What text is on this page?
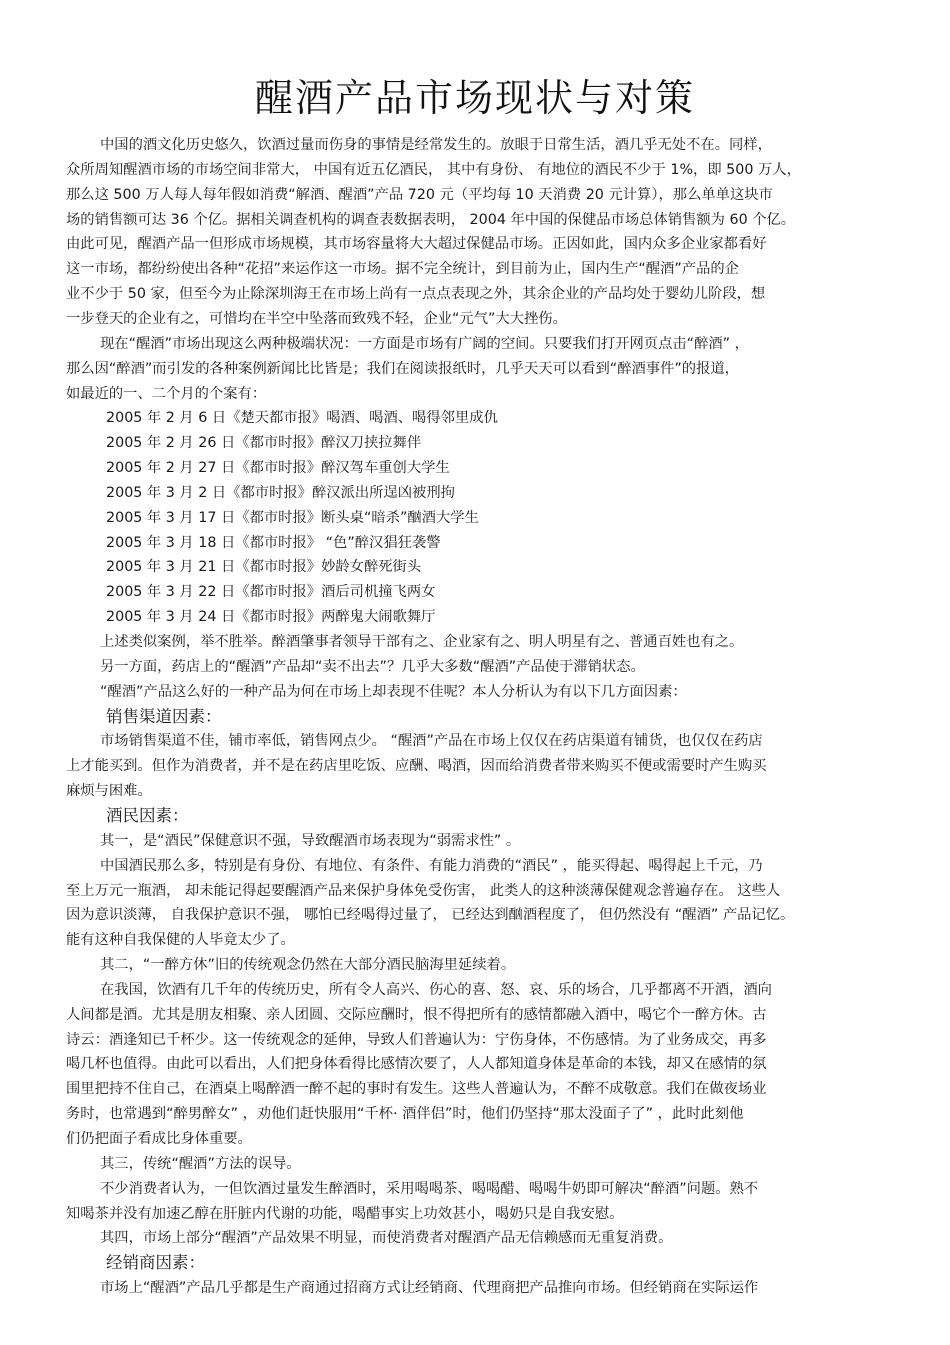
醒酒产品市场现状与对策
中国的酒文化历史悠久，饮酒过量而伤身的事情是经常发生的。放眼于日常生活，酒几乎无处不在。同样，
众所周知醒酒市场的市场空间非常大， 中国有近五亿酒民， 其中有身份、 有地位的酒民不少于 1%，即 500 万人，
那么这 500 万人每人每年假如消费“解酒、醒酒”产品 720 元（平均每 10 天消费 20 元计算），那么单单这块市
场的销售额可达 36 个亿。据相关调查机构的调查表数据表明， 2004 年中国的保健品市场总体销售额为 60 个亿。
由此可见，醒酒产品一但形成市场规模，其市场容量将大大超过保健品市场。正因如此，国内众多企业家都看好
这一市场，都纷纷使出各种“花招”来运作这一市场。据不完全统计，到目前为止，国内生产“醒酒”产品的企
业不少于 50 家，但至今为止除深圳海王在市场上尚有一点点表现之外，其余企业的产品均处于婴幼儿阶段，想
一步登天的企业有之，可惜均在半空中坠落而致残不轻，企业“元气”大大挫伤。
现在“醒酒”市场出现这么两种极端状况：一方面是市场有广阔的空间。只要我们打开网页点击“醉酒” ，
那么因“醉酒”而引发的各种案例新闻比比皆是；我们在阅读报纸时，几乎天天可以看到“醉酒事件”的报道，
如最近的一、二个月的个案有：
2005 年 2 月 6 日《楚天都市报》喝酒、喝酒、喝得邻里成仇
2005 年 2 月 26 日《都市时报》醉汉刀挟拉舞伴
2005 年 2 月 27 日《都市时报》醉汉驾车重创大学生
2005 年 3 月 2 日《都市时报》醉汉派出所逞凶被刑拘
2005 年 3 月 17 日《都市时报》断头桌“暗杀”酗酒大学生
2005 年 3 月 18 日《都市时报》 “色”醉汉猖狂袭警
2005 年 3 月 21 日《都市时报》妙龄女醉死街头
2005 年 3 月 22 日《都市时报》酒后司机撞飞两女
2005 年 3 月 24 日《都市时报》两醉鬼大闹歌舞厅
上述类似案例，举不胜举。醉酒肇事者领导干部有之、企业家有之、明人明星有之、普通百姓也有之。
另一方面，药店上的“醒酒”产品却“卖不出去”？几乎大多数“醒酒”产品使于滞销状态。
“醒酒”产品这么好的一种产品为何在市场上却表现不佳呢？本人分析认为有以下几方面因素：
销售渠道因素：
市场销售渠道不佳，铺市率低，销售网点少。 “醒酒”产品在市场上仅仅在药店渠道有铺货，也仅仅在药店
上才能买到。但作为消费者，并不是在药店里吃饭、应酬、喝酒，因而给消费者带来购买不便或需要时产生购买
麻烦与困难。
酒民因素：
其一，是“酒民”保健意识不强，导致醒酒市场表现为“弱需求性” 。
中国酒民那么多，特别是有身份、有地位、有条件、有能力消费的“酒民” ，能买得起、喝得起上千元，乃
至上万元一瓶酒， 却未能记得起要醒酒产品来保护身体免受伤害， 此类人的这种淡薄保健观念普遍存在。 这些人
因为意识淡薄， 自我保护意识不强， 哪怕已经喝得过量了， 已经达到酗酒程度了， 但仍然没有 “醒酒” 产品记忆。
能有这种自我保健的人毕竟太少了。
其二，“一醉方休”旧的传统观念仍然在大部分酒民脑海里延续着。
在我国，饮酒有几千年的传统历史，所有令人高兴、伤心的喜、怒、哀、乐的场合，几乎都离不开酒，酒向
人间都是酒。尤其是朋友相聚、亲人团圆、交际应酬时，恨不得把所有的感情都融入酒中，喝它个一醉方休。古
诗云：酒逢知已千杯少。这一传统观念的延伸，导致人们普遍认为：宁伤身体，不伤感情。为了业务成交，再多
喝几杯也值得。由此可以看出，人们把身体看得比感情次要了，人人都知道身体是革命的本钱，却又在感情的氛
围里把持不住自己，在酒桌上喝醉酒一醉不起的事时有发生。这些人普遍认为，不醉不成敬意。我们在做夜场业
务时，也常遇到“醉男醉女” ，劝他们赶快服用“千杯· 酒伴侣”时，他们仍坚持“那太没面子了” ，此时此刻他
们仍把面子看成比身体重要。
其三，传统“醒酒”方法的误导。
不少消费者认为，一但饮酒过量发生醉酒时，采用喝喝茶、喝喝醋、喝喝牛奶即可解决“醉酒”问题。熟不
知喝茶并没有加速乙醇在肝脏内代谢的功能，喝醋事实上功效甚小，喝奶只是自我安慰。
其四，市场上部分“醒酒”产品效果不明显，而使消费者对醒酒产品无信赖感而无重复消费。
经销商因素：
市场上“醒酒”产品几乎都是生产商通过招商方式让经销商、代理商把产品推向市场。但经销商在实际运作
